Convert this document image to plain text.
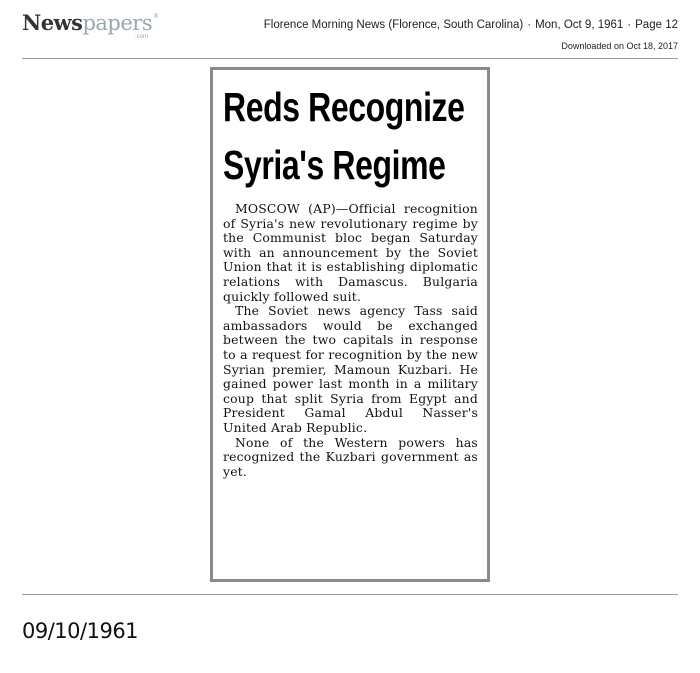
News papers ®
.com
Florence Morning News (Florence, South Carolina) · Mon, Oct 9, 1961 · Page 12
Downloaded on Oct 18, 2017
Reds Recognize
Syria's Regime

MOSCOW (AP)—Official recognition of Syria's new revolutionary regime by the Communist bloc began Saturday with an announcement by the Soviet Union that it is establishing diplomatic relations with Damascus. Bulgaria quickly followed suit.

The Soviet news agency Tass said ambassadors would be exchanged between the two capitals in response to a request for recognition by the new Syrian premier, Mamoun Kuzbari. He gained power last month in a military coup that split Syria from Egypt and President Gamal Abdul Nasser's United Arab Republic.

None of the Western powers has recognized the Kuzbari government as yet.

09/10/1961
